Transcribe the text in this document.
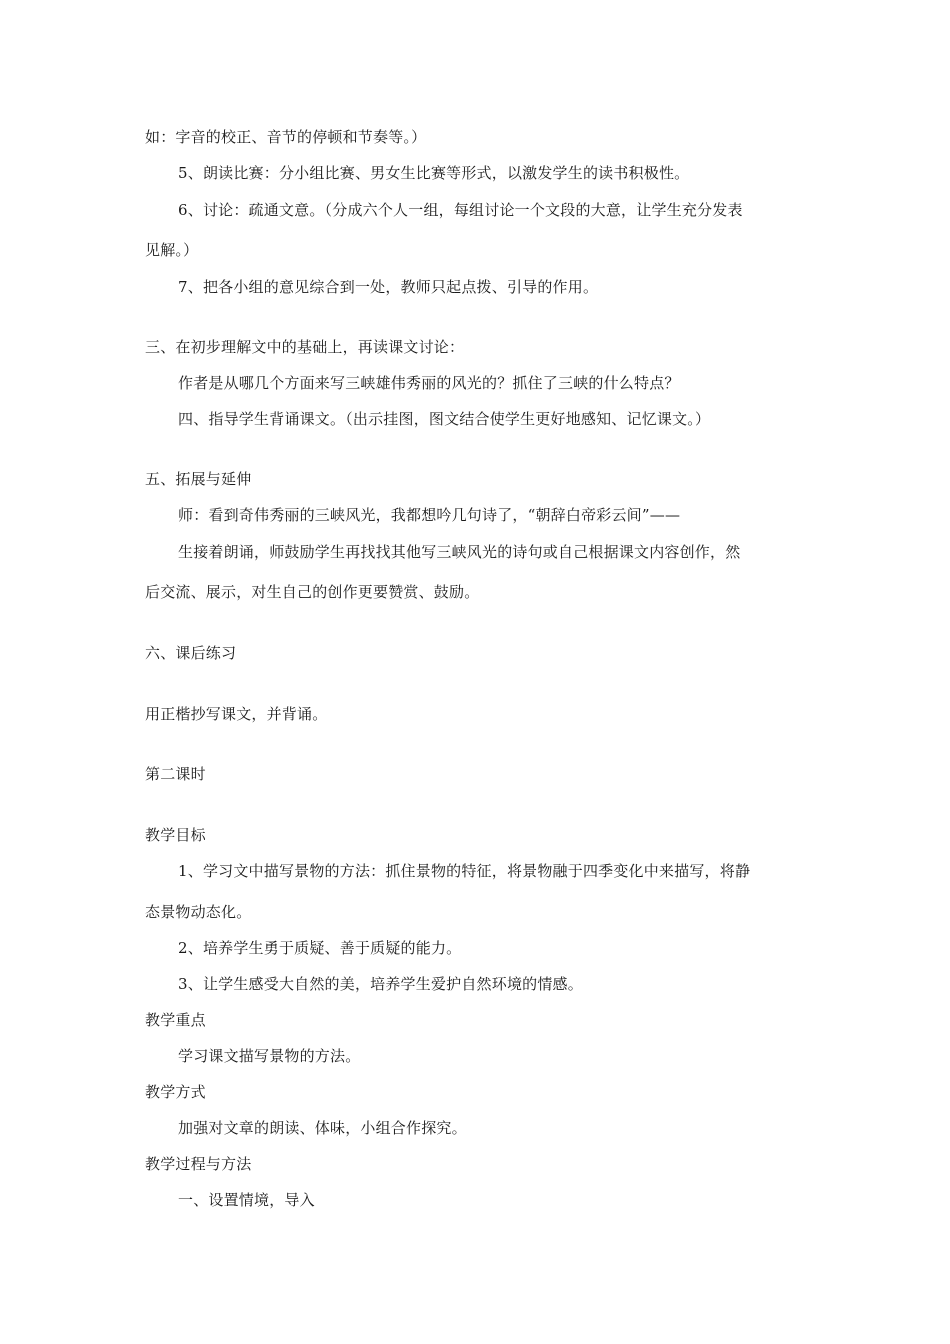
如：字音的校正、音节的停顿和节奏等。）
5、朗读比赛：分小组比赛、男女生比赛等形式，以激发学生的读书积极性。
6、讨论：疏通文意。（分成六个人一组，每组讨论一个文段的大意，让学生充分发表
见解。）
7、把各小组的意见综合到一处，教师只起点拨、引导的作用。
三、在初步理解文中的基础上，再读课文讨论：
作者是从哪几个方面来写三峡雄伟秀丽的风光的？抓住了三峡的什么特点？
四、指导学生背诵课文。（出示挂图，图文结合使学生更好地感知、记忆课文。）
五、拓展与延伸
师：看到奇伟秀丽的三峡风光，我都想吟几句诗了，“朝辞白帝彩云间”——
生接着朗诵，师鼓励学生再找找其他写三峡风光的诗句或自己根据课文内容创作，然
后交流、展示，对生自己的创作更要赞赏、鼓励。
六、课后练习
用正楷抄写课文，并背诵。
第二课时
教学目标
1、学习文中描写景物的方法：抓住景物的特征，将景物融于四季变化中来描写，将静
态景物动态化。
2、培养学生勇于质疑、善于质疑的能力。
3、让学生感受大自然的美，培养学生爱护自然环境的情感。
教学重点
学习课文描写景物的方法。
教学方式
加强对文章的朗读、体味，小组合作探究。
教学过程与方法
一、设置情境，导入
